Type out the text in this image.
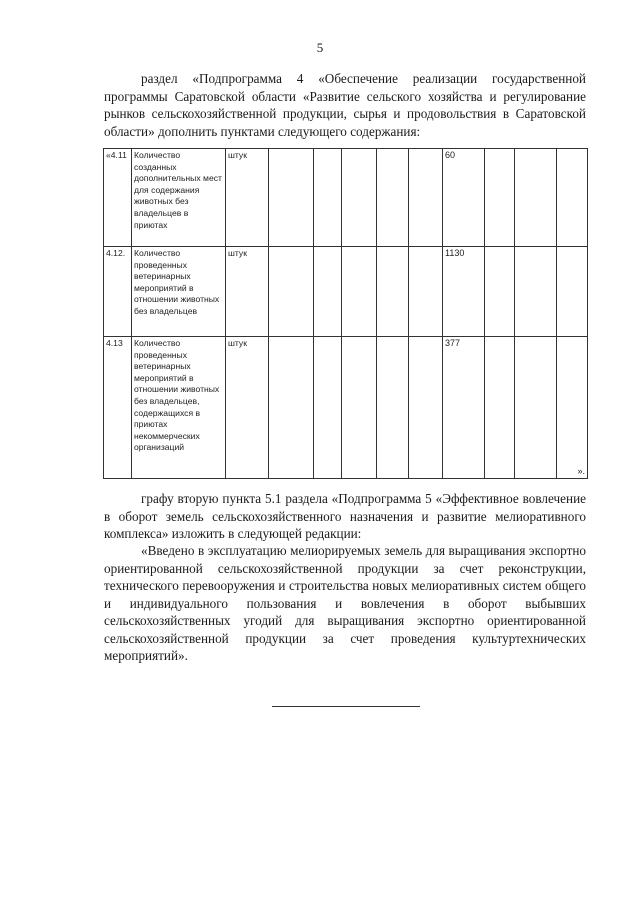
5

раздел «Подпрограмма 4 «Обеспечение реализации государственной программы Саратовской области «Развитие сельского хозяйства и регулирование рынков сельскохозяйственной продукции, сырья и продовольствия в Саратовской области» дополнить пунктами следующего содержания:

«4.11	Количество созданных дополнительных мест для содержания животных без владельцев в приютах	штук						60			
4.12.	Количество проведенных ветеринарных мероприятий в отношении животных без владельцев	штук						1130			
4.13	Количество проведенных ветеринарных мероприятий в отношении животных без владельцев, содержащихся в приютах некоммерческих организаций	штук						377			».

графу вторую пункта 5.1 раздела «Подпрограмма 5 «Эффективное вовлечение в оборот земель сельскохозяйственного назначения и развитие мелиоративного комплекса» изложить в следующей редакции:

«Введено в эксплуатацию мелиорируемых земель для выращивания экспортно ориентированной сельскохозяйственной продукции за счет реконструкции, технического перевооружения и строительства новых мелиоративных систем общего и индивидуального пользования и вовлечения в оборот выбывших сельскохозяйственных угодий для выращивания экспортно ориентированной сельскохозяйственной продукции за счет проведения культуртехнических мероприятий».
